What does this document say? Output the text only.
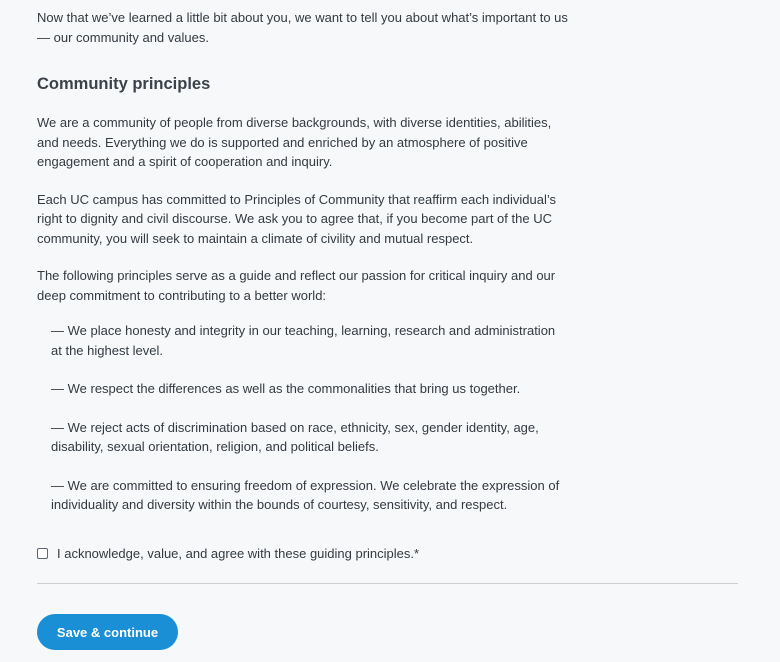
Now that we’ve learned a little bit about you, we want to tell you about what’s important to us — our community and values.

Community principles

We are a community of people from diverse backgrounds, with diverse identities, abilities, and needs. Everything we do is supported and enriched by an atmosphere of positive engagement and a spirit of cooperation and inquiry.

Each UC campus has committed to Principles of Community that reaffirm each individual’s right to dignity and civil discourse. We ask you to agree that, if you become part of the UC community, you will seek to maintain a climate of civility and mutual respect.

The following principles serve as a guide and reflect our passion for critical inquiry and our deep commitment to contributing to a better world:

— We place honesty and integrity in our teaching, learning, research and administration at the highest level.
— We respect the differences as well as the commonalities that bring us together.
— We reject acts of discrimination based on race, ethnicity, sex, gender identity, age, disability, sexual orientation, religion, and political beliefs.
— We are committed to ensuring freedom of expression. We celebrate the expression of individuality and diversity within the bounds of courtesy, sensitivity, and respect.
I acknowledge, value, and agree with these guiding principles.*
Save & continue
